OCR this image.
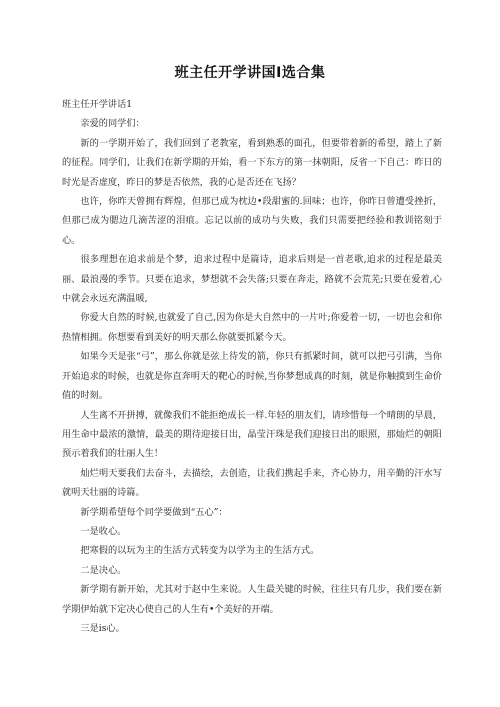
班主任开学讲国Ⅰ选合集

班主任开学讲话1

亲爱的同学们：

新的一学期开始了，我们回到了老教室，看到熟悉的面孔，但要带着新的希望，踏上了新的征程。同学们，让我们在新学期的开始，看一下东方的第一抹朝阳，反省一下自己：昨日的时光是否虚度，昨日的梦是否依然，我的心是否还在飞扬？

也许，你昨天曾拥有辉煌，但那已成为枕边•段甜蜜的.回味；也许，你昨日曾遭受挫折，但那已成为腮边几滴苦涩的泪痕。忘记以前的成功与失败，我们只需要把经验和教训铭刻于心。

很多理想在追求前是个梦，追求过程中是篇诗，追求后则是一首老歌,追求的过程是最美丽、最浪漫的季节。只要在追求，梦想就不会失落;只要在奔走，路就不会荒芜;只要在爱着,心中就会永远充满温暖,

你爱大自然的时候,也就爱了自己,因为你是大自然中的一片叶;你爱着一切，一切也会和你热情相拥。你想要看到美好的明天那么你就要抓紧今天。

如果今天是张“弓”，那么你就是弦上待发的箭，你只有抓紧时间，就可以把弓引满，当你开始追求的时候，也就是你直奔明天的靶心的时候,当你梦想成真的时刻，就是你触摸到生命价值的时刻。

人生离不开拼搏，就像我们不能拒绝成长一样.年轻的朋友们，请珍惜每一个晴朗的早晨，用生命中最浓的激情，最美的期待迎接日出，晶莹汗珠是我们迎接日出的眼照，那灿烂的朝阳预示着我们的壮丽人生！

灿烂明天要我们去奋斗，去描绘，去创造，让我们携起手来，齐心协力，用辛勤的汗水写就明天壮丽的诗篇。

新学期希望每个同学要做到“五心”：

一是收心。

把寒假的以玩为主的生活方式转变为以学为主的生活方式。

二是决心。

新学期有新开始，尤其对于赵中生来说。人生最关键的时候，往往只有几步，我们要在新学期伊始就下定决心使自己的人生有•个美好的开端。

三是is心。
